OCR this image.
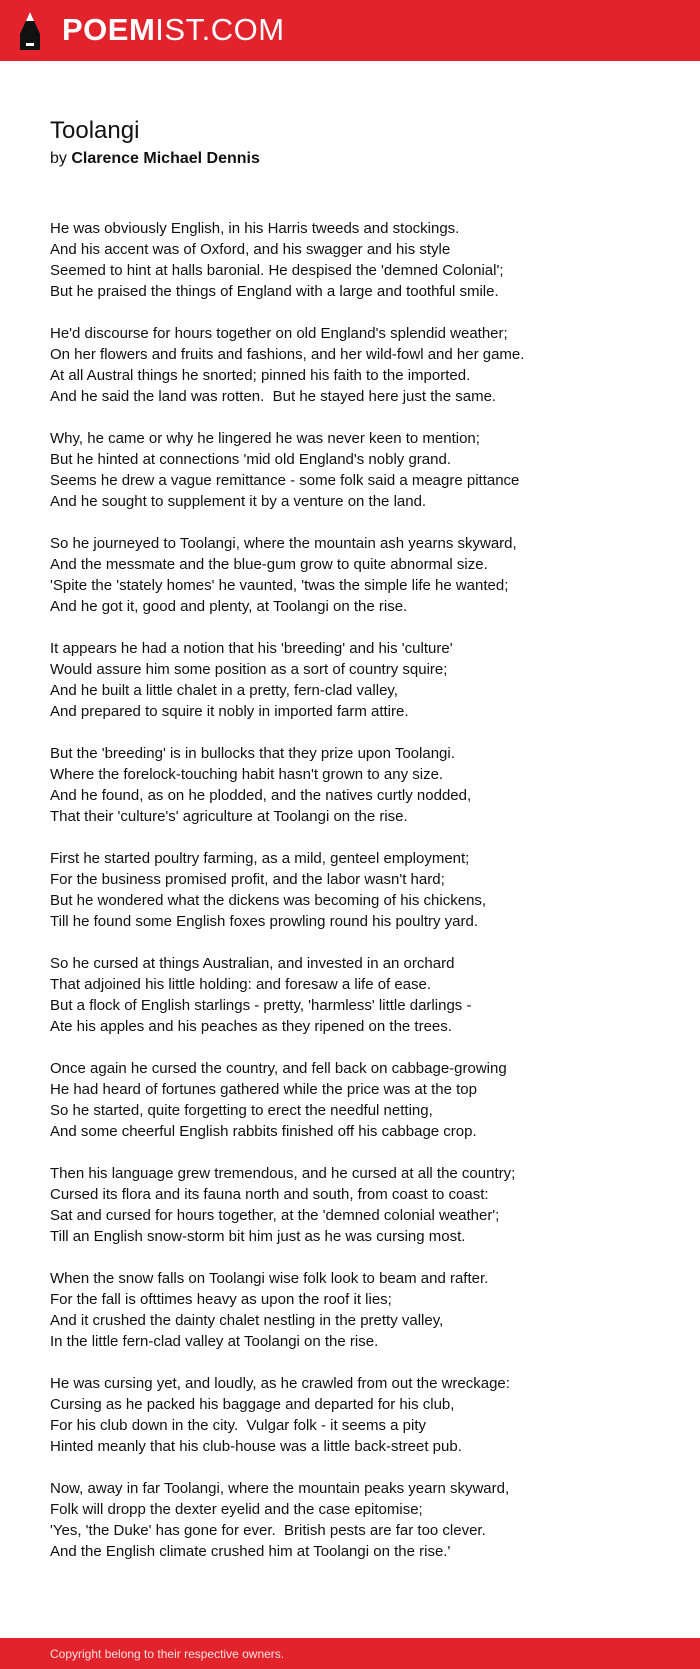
POEMIST.COM
Toolangi
by Clarence Michael Dennis
He was obviously English, in his Harris tweeds and stockings.
And his accent was of Oxford, and his swagger and his style
Seemed to hint at halls baronial. He despised the 'demned Colonial';
But he praised the things of England with a large and toothful smile.
He'd discourse for hours together on old England's splendid weather;
On her flowers and fruits and fashions, and her wild-fowl and her game.
At all Austral things he snorted; pinned his faith to the imported.
And he said the land was rotten.  But he stayed here just the same.
Why, he came or why he lingered he was never keen to mention;
But he hinted at connections 'mid old England's nobly grand.
Seems he drew a vague remittance - some folk said a meagre pittance
And he sought to supplement it by a venture on the land.
So he journeyed to Toolangi, where the mountain ash yearns skyward,
And the messmate and the blue-gum grow to quite abnormal size.
'Spite the 'stately homes' he vaunted, 'twas the simple life he wanted;
And he got it, good and plenty, at Toolangi on the rise.
It appears he had a notion that his 'breeding' and his 'culture'
Would assure him some position as a sort of country squire;
And he built a little chalet in a pretty, fern-clad valley,
And prepared to squire it nobly in imported farm attire.
But the 'breeding' is in bullocks that they prize upon Toolangi.
Where the forelock-touching habit hasn't grown to any size.
And he found, as on he plodded, and the natives curtly nodded,
That their 'culture's' agriculture at Toolangi on the rise.
First he started poultry farming, as a mild, genteel employment;
For the business promised profit, and the labor wasn't hard;
But he wondered what the dickens was becoming of his chickens,
Till he found some English foxes prowling round his poultry yard.
So he cursed at things Australian, and invested in an orchard
That adjoined his little holding: and foresaw a life of ease.
But a flock of English starlings - pretty, 'harmless' little darlings -
Ate his apples and his peaches as they ripened on the trees.
Once again he cursed the country, and fell back on cabbage-growing
He had heard of fortunes gathered while the price was at the top
So he started, quite forgetting to erect the needful netting,
And some cheerful English rabbits finished off his cabbage crop.
Then his language grew tremendous, and he cursed at all the country;
Cursed its flora and its fauna north and south, from coast to coast:
Sat and cursed for hours together, at the 'demned colonial weather';
Till an English snow-storm bit him just as he was cursing most.
When the snow falls on Toolangi wise folk look to beam and rafter.
For the fall is ofttimes heavy as upon the roof it lies;
And it crushed the dainty chalet nestling in the pretty valley,
In the little fern-clad valley at Toolangi on the rise.
He was cursing yet, and loudly, as he crawled from out the wreckage:
Cursing as he packed his baggage and departed for his club,
For his club down in the city.  Vulgar folk - it seems a pity
Hinted meanly that his club-house was a little back-street pub.
Now, away in far Toolangi, where the mountain peaks yearn skyward,
Folk will dropp the dexter eyelid and the case epitomise;
'Yes, 'the Duke' has gone for ever.  British pests are far too clever.
And the English climate crushed him at Toolangi on the rise.'
Copyright belong to their respective owners.
